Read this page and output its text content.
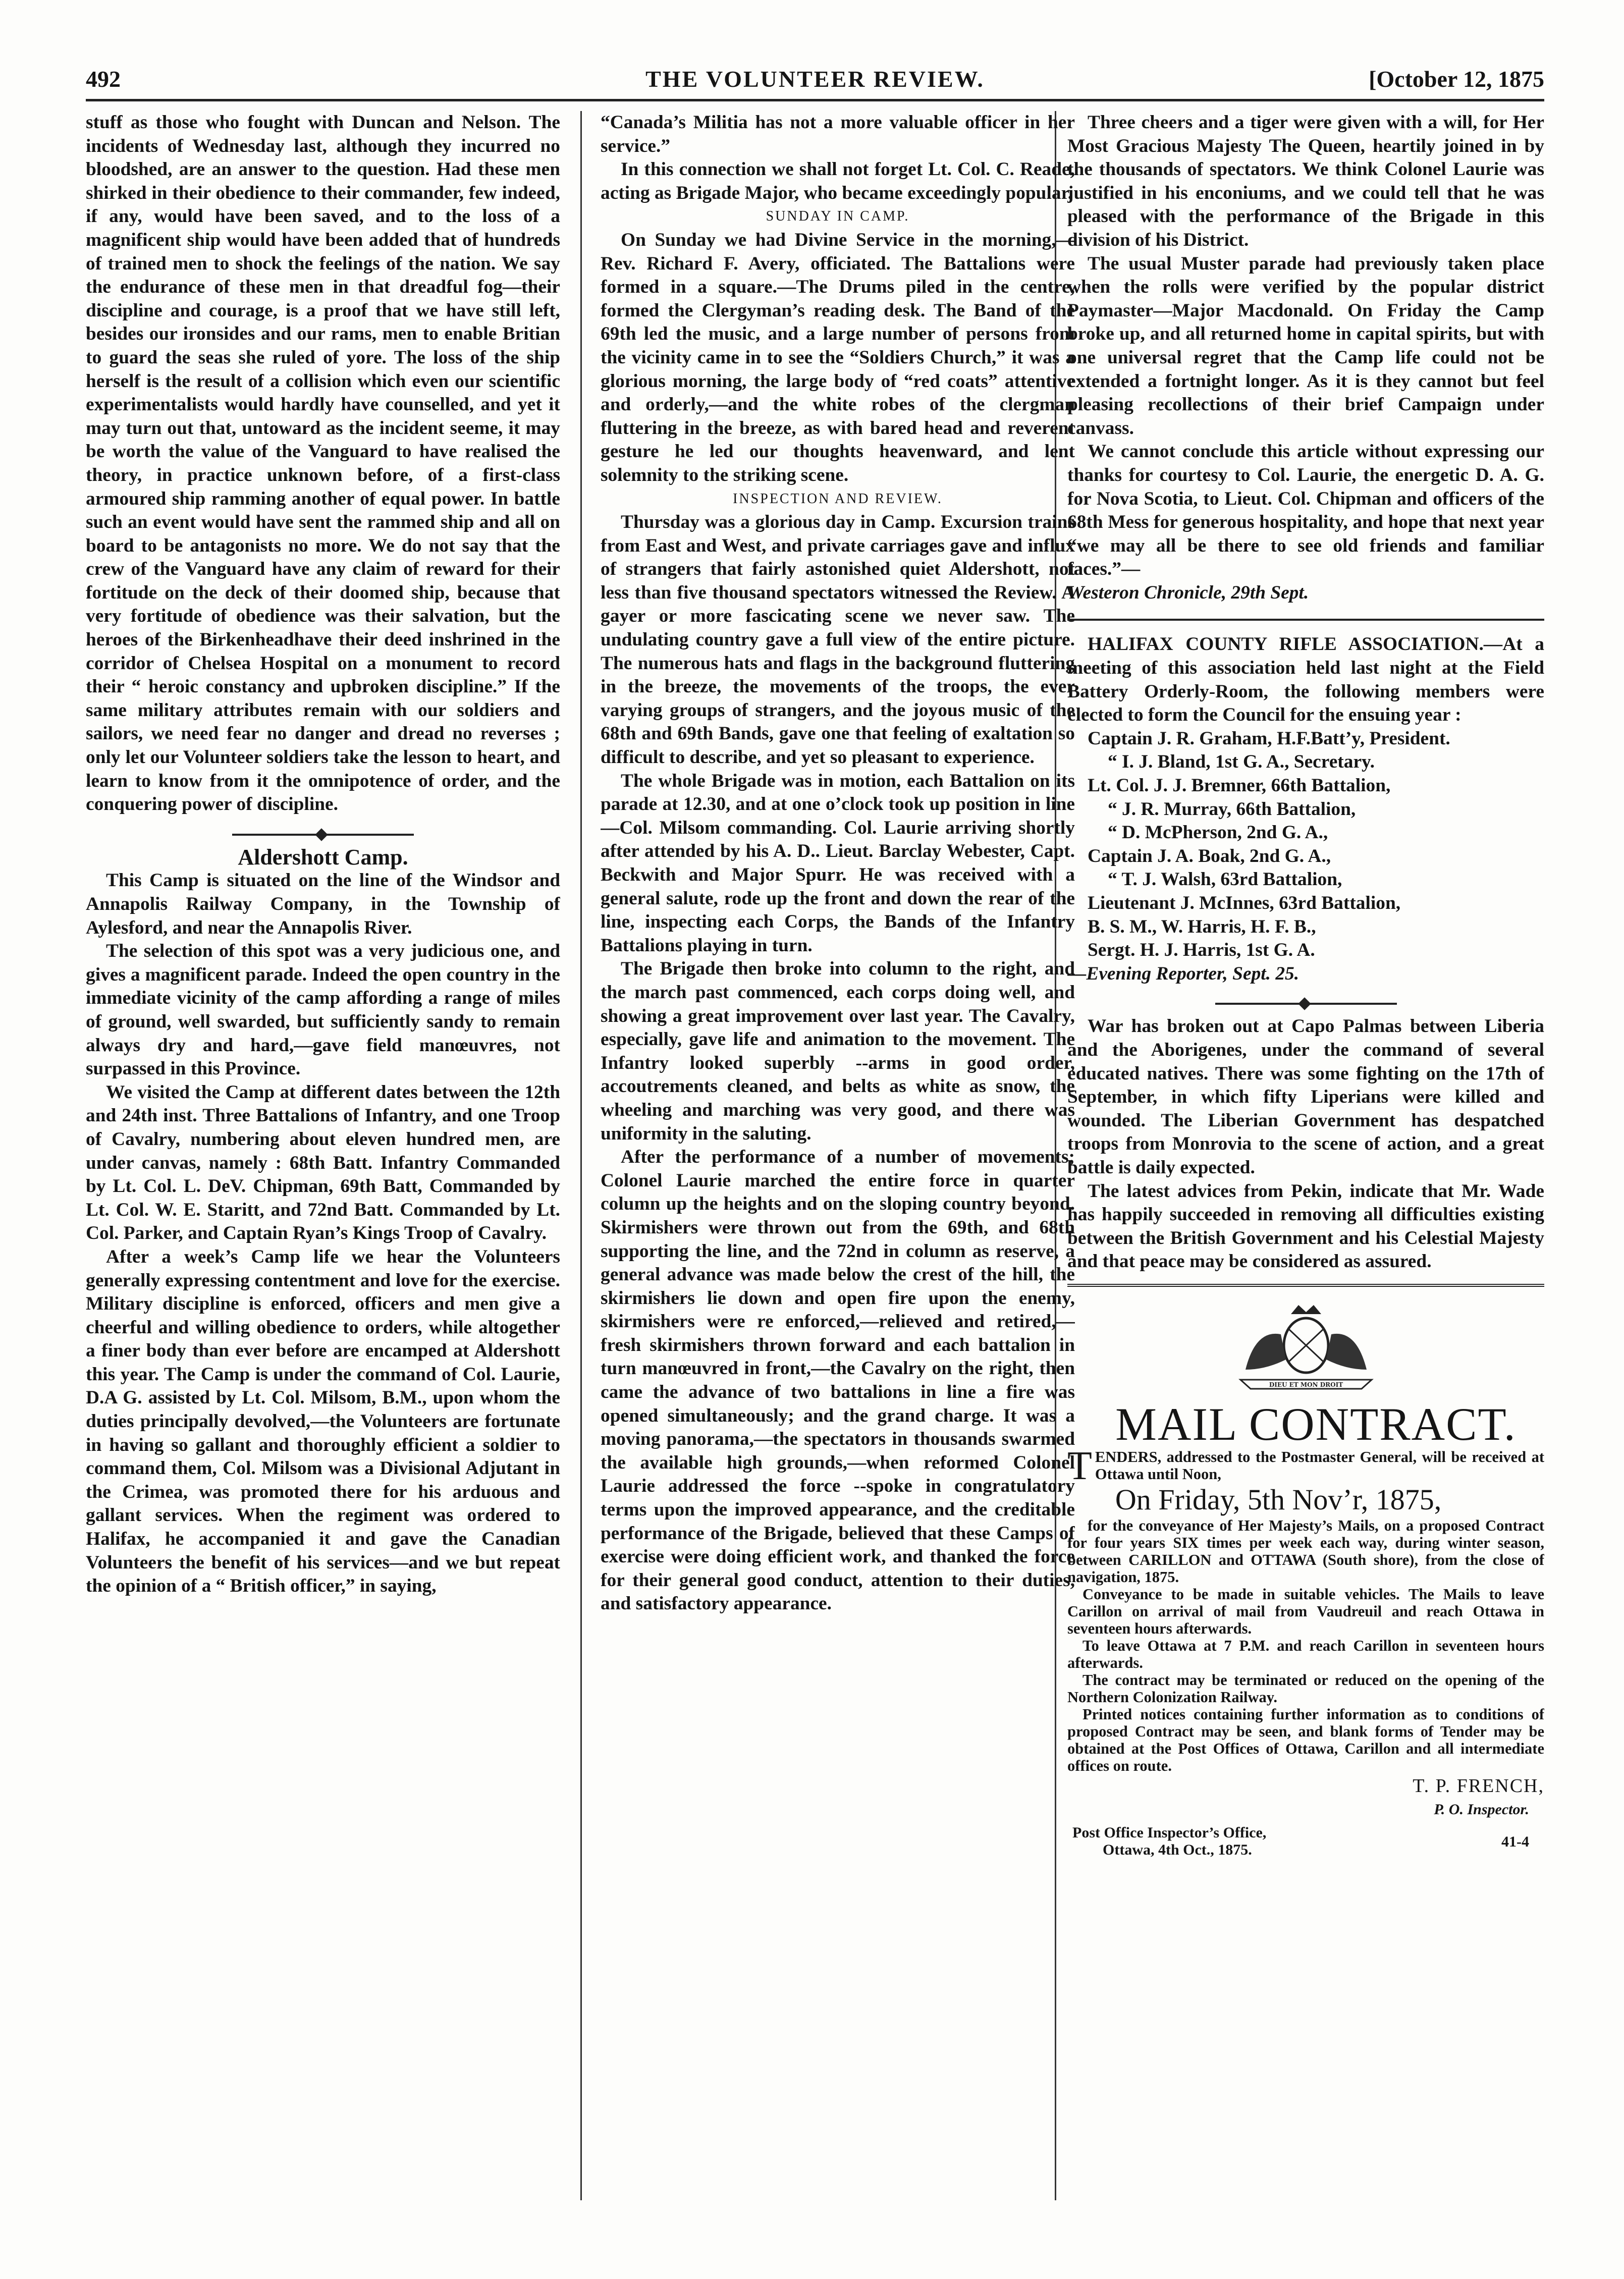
492	THE VOLUNTEER REVIEW.	[October 12, 1875

stuff as those who fought with Duncan and Nelson. The incidents of Wednesday last, although they incurred no bloodshed, are an answer to the question. Had these men shirked in their obedience to their commander, few indeed, if any, would have been saved, and to the loss of a magnificent ship would have been added that of hundreds of trained men to shock the feelings of the nation. We say the endurance of these men in that dreadful fog—their discipline and courage, is a proof that we have still left, besides our ironsides and our rams, men to enable Britian to guard the seas she ruled of yore. The loss of the ship herself is the result of a collision which even our scientific experimentalists would hardly have counselled, and yet it may turn out that, untoward as the incident seeme, it may be worth the value of the Vanguard to have realised the theory, in practice unknown before, of a first-class armoured ship ramming another of equal power. In battle such an event would have sent the rammed ship and all on board to be antagonists no more. We do not say that the crew of the Vanguard have any claim of reward for their fortitude on the deck of their doomed ship, because that very fortitude of obedience was their salvation, but the heroes of the Birkenheadhave their deed inshrined in the corridor of Chelsea Hospital on a monument to record their “ heroic constancy and upbroken discipline.” If the same military attributes remain with our soldiers and sailors, we need fear no danger and dread no reverses ; only let our Volunteer soldiers take the lesson to heart, and learn to know from it the omnipotence of order, and the conquering power of discipline.

Aldershott Camp.

This Camp is situated on the line of the Windsor and Annapolis Railway Company, in the Township of Aylesford, and near the Annapolis River.

The selection of this spot was a very judicious one, and gives a magnificent parade. Indeed the open country in the immediate vicinity of the camp affording a range of miles of ground, well swarded, but sufficiently sandy to remain always dry and hard,—gave field manœuvres, not surpassed in this Province.

We visited the Camp at different dates between the 12th and 24th inst. Three Battalions of Infantry, and one Troop of Cavalry, numbering about eleven hundred men, are under canvas, namely : 68th Batt. Infantry Commanded by Lt. Col. L. DeV. Chipman, 69th Batt, Commanded by Lt. Col. W. E. Staritt, and 72nd Batt. Commanded by Lt. Col. Parker, and Captain Ryan’s Kings Troop of Cavalry.

After a week’s Camp life we hear the Volunteers generally expressing contentment and love for the exercise. Military discipline is enforced, officers and men give a cheerful and willing obedience to orders, while altogether a finer body than ever before are encamped at Aldershott this year. The Camp is under the command of Col. Laurie, D.A G. assisted by Lt. Col. Milsom, B.M., upon whom the duties principally devolved,—the Volunteers are fortunate in having so gallant and thoroughly efficient a soldier to command them, Col. Milsom was a Divisional Adjutant in the Crimea, was promoted there for his arduous and gallant services. When the regiment was ordered to Halifax, he accompanied it and gave the Canadian Volunteers the benefit of his services—and we but repeat the opinion of a “ British officer,” in saying,

“Canada’s Militia has not a more valuable officer in her service.”

In this connection we shall not forget Lt. Col. C. Reade, acting as Brigade Major, who became exceedingly popular.

SUNDAY IN CAMP.

On Sunday we had Divine Service in the morning,—Rev. Richard F. Avery, officiated. The Battalions were formed in a square.—The Drums piled in the centre, formed the Clergyman’s reading desk. The Band of the 69th led the music, and a large number of persons from the vicinity came in to see the “Soldiers Church,” it was a glorious morning, the large body of “red coats” attentive and orderly,—and the white robes of the clergman fluttering in the breeze, as with bared head and reverent gesture he led our thoughts heavenward, and lent solemnity to the striking scene.

INSPECTION AND REVIEW.

Thursday was a glorious day in Camp. Excursion trains from East and West, and private carriages gave and influx of strangers that fairly astonished quiet Aldershott, not less than five thousand spectators witnessed the Review. A gayer or more fascicating scene we never saw. The undulating country gave a full view of the entire picture. The numerous hats and flags in the background fluttering in the breeze, the movements of the troops, the ever varying groups of strangers, and the joyous music of the 68th and 69th Bands, gave one that feeling of exaltation so difficult to describe, and yet so pleasant to experience.

The whole Brigade was in motion, each Battalion on its parade at 12.30, and at one o’clock took up position in line—Col. Milsom commanding. Col. Laurie arriving shortly after attended by his A. D.. Lieut. Barclay Webester, Capt. Beckwith and Major Spurr. He was received with a general salute, rode up the front and down the rear of the line, inspecting each Corps, the Bands of the Infantry Battalions playing in turn.

The Brigade then broke into column to the right, and the march past commenced, each corps doing well, and showing a great improvement over last year. The Cavalry, especially, gave life and animation to the movement. The Infantry looked superbly --arms in good order, accoutrements cleaned, and belts as white as snow, the wheeling and marching was very good, and there was uniformity in the saluting.

After the performance of a number of movements; Colonel Laurie marched the entire force in quarter column up the heights and on the sloping country beyond. Skirmishers were thrown out from the 69th, and 68th supporting the line, and the 72nd in column as reserve, a general advance was made below the crest of the hill, the skirmishers lie down and open fire upon the enemy, skirmishers were re enforced,—relieved and retired,—fresh skirmishers thrown forward and each battalion in turn manœuvred in front,—the Cavalry on the right, then came the advance of two battalions in line a fire was opened simultaneously; and the grand charge. It was a moving panorama,—the spectators in thousands swarmed the available high grounds,—when reformed Colonel Laurie addressed the force --spoke in congratulatory terms upon the improved appearance, and the creditable performance of the Brigade, believed that these Camps of exercise were doing efficient work, and thanked the force for their general good conduct, attention to their duties, and satisfactory appearance.

Three cheers and a tiger were given with a will, for Her Most Gracious Majesty The Queen, heartily joined in by the thousands of spectators. We think Colonel Laurie was justified in his enconiums, and we could tell that he was pleased with the performance of the Brigade in this division of his District.

The usual Muster parade had previously taken place when the rolls were verified by the popular district Paymaster—Major Macdonald. On Friday the Camp broke up, and all returned home in capital spirits, but with one universal regret that the Camp life could not be extended a fortnight longer. As it is they cannot but feel pleasing recollections of their brief Campaign under canvass.

We cannot conclude this article without expressing our thanks for courtesy to Col. Laurie, the energetic D. A. G. for Nova Scotia, to Lieut. Col. Chipman and officers of the 68th Mess for generous hospitality, and hope that next year “we may all be there to see old friends and familiar faces.”—

Westeron Chronicle, 29th Sept.

HALIFAX COUNTY RIFLE ASSOCIATION.—At a meeting of this association held last night at the Field Battery Orderly-Room, the following members were elected to form the Council for the ensuing year :

Captain J. R. Graham, H.F.Batt’y, President.

“ I. J. Bland, 1st G. A., Secretary.

Lt. Col. J. J. Bremner, 66th Battalion,

“ J. R. Murray, 66th Battalion,

“ D. McPherson, 2nd G. A.,

Captain J. A. Boak, 2nd G. A.,

“ T. J. Walsh, 63rd Battalion,

Lieutenant J. McInnes, 63rd Battalion,

B. S. M., W. Harris, H. F. B.,

Sergt. H. J. Harris, 1st G. A.

—Evening Reporter, Sept. 25.

War has broken out at Capo Palmas between Liberia and the Aborigenes, under the command of several educated natives. There was some fighting on the 17th of September, in which fifty Liperians were killed and wounded. The Liberian Government has despatched troops from Monrovia to the scene of action, and a great battle is daily expected.

The latest advices from Pekin, indicate that Mr. Wade has happily succeeded in removing all difficulties existing between the British Government and his Celestial Majesty and that peace may be considered as assured.

DIEU ET MON DROIT

MAIL CONTRACT.

TENDERS, addressed to the Postmaster General, will be received at Ottawa until Noon,

On Friday, 5th Nov’r, 1875,

for the conveyance of Her Majesty’s Mails, on a proposed Contract for four years SIX times per week each way, during winter season, between CARILLON and OTTAWA (South shore), from the close of navigation, 1875.

Conveyance to be made in suitable vehicles. The Mails to leave Carillon on arrival of mail from Vaudreuil and reach Ottawa in seventeen hours afterwards.

To leave Ottawa at 7 P.M. and reach Carillon in seventeen hours afterwards.

The contract may be terminated or reduced on the opening of the Northern Colonization Railway.

Printed notices containing further information as to conditions of proposed Contract may be seen, and blank forms of Tender may be obtained at the Post Offices of Ottawa, Carillon and all intermediate offices on route.

T. P. FRENCH,

P. O. Inspector.

Post Office Inspector’s Office,
Ottawa, 4th Oct., 1875.	41-4
